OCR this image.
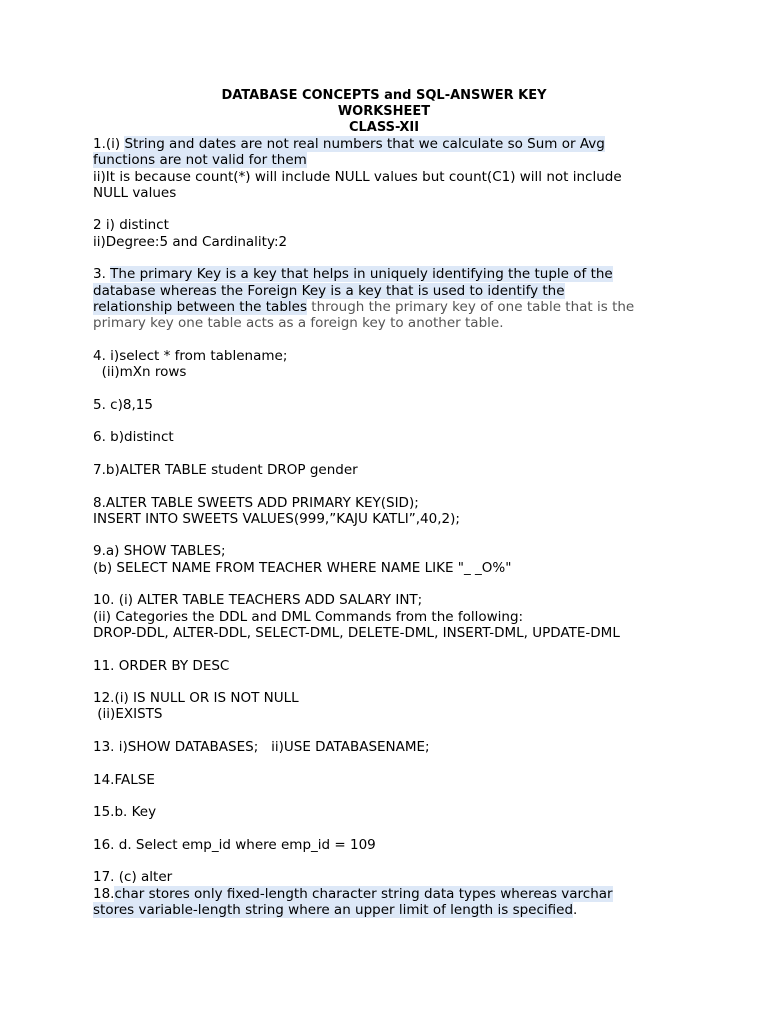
DATABASE CONCEPTS and SQL-ANSWER KEY
WORKSHEET
CLASS-XII
1.(i) String and dates are not real numbers that we calculate so Sum or Avg
functions are not valid for them
ii)It is because count(*) will include NULL values but count(C1) will not include
NULL values
2 i) distinct
ii)Degree:5 and Cardinality:2
3. The primary Key is a key that helps in uniquely identifying the tuple of the
database whereas the Foreign Key is a key that is used to identify the
relationship between the tables through the primary key of one table that is the
primary key one table acts as a foreign key to another table.
4. i)select * from tablename;
(ii)mXn rows
5. c)8,15
6. b)distinct
7.b)ALTER TABLE student DROP gender
8.ALTER TABLE SWEETS ADD PRIMARY KEY(SID);
INSERT INTO SWEETS VALUES(999,”KAJU KATLI”,40,2);
9.a) SHOW TABLES;
(b) SELECT NAME FROM TEACHER WHERE NAME LIKE "_ _O%"
10. (i) ALTER TABLE TEACHERS ADD SALARY INT;
(ii) Categories the DDL and DML Commands from the following:
DROP-DDL, ALTER-DDL, SELECT-DML, DELETE-DML, INSERT-DML, UPDATE-DML
11. ORDER BY DESC
12.(i) IS NULL OR IS NOT NULL
(ii)EXISTS
13. i)SHOW DATABASES;   ii)USE DATABASENAME;
14.FALSE
15.b. Key
16. d. Select emp_id where emp_id = 109
17. (c) alter
18.char stores only fixed-length character string data types whereas varchar
stores variable-length string where an upper limit of length is specified.
